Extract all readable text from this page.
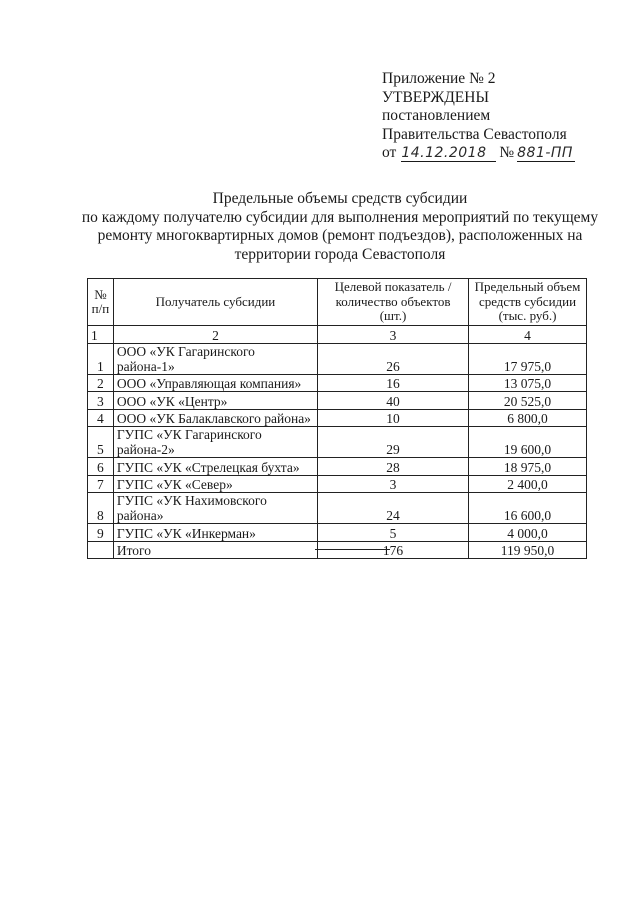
Приложение № 2
УТВЕРЖДЕНЫ
постановлением
Правительства Севастополя
от 14.12.2018 № 881-ПП
Предельные объемы средств субсидии
по каждому получателю субсидии для выполнения мероприятий по текущему
ремонту многоквартирных домов (ремонт подъездов), расположенных на
территории города Севастополя
№ п/п	Получатель субсидии	Целевой показатель / количество объектов (шт.)	Предельный объем средств субсидии (тыс. руб.)
1	2	3	4
1	ООО «УК Гагаринского района-1»	26	17 975,0
2	ООО «Управляющая компания»	16	13 075,0
3	ООО «УК «Центр»	40	20 525,0
4	ООО «УК Балаклавского района»	10	6 800,0
5	ГУПС «УК Гагаринского района-2»	29	19 600,0
6	ГУПС «УК «Стрелецкая бухта»	28	18 975,0
7	ГУПС «УК «Север»	3	2 400,0
8	ГУПС «УК Нахимовского района»	24	16 600,0
9	ГУПС «УК «Инкерман»	5	4 000,0
	Итого	176	119 950,0
